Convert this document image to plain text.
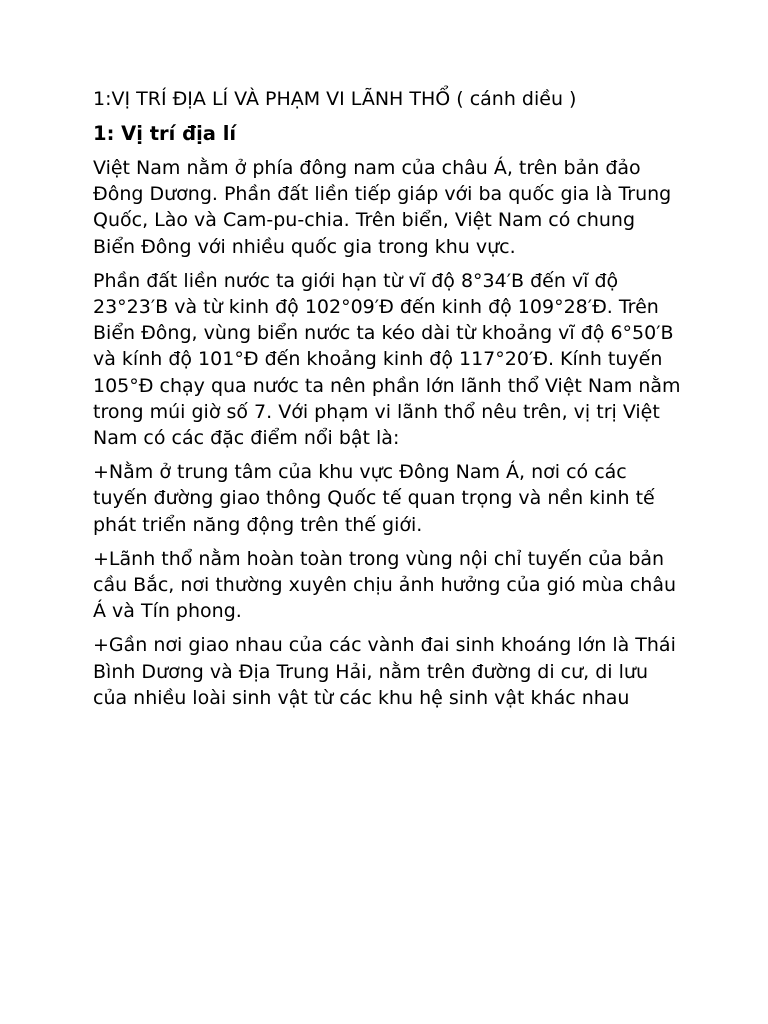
1:VỊ TRÍ ĐỊA LÍ VÀ PHẠM VI LÃNH THỔ ( cánh diều )
1: Vị trí địa lí

Việt Nam nằm ở phía đông nam của châu Á, trên bản đảo Đông Dương. Phần đất liền tiếp giáp với ba quốc gia là Trung Quốc, Lào và Cam-pu-chia. Trên biển, Việt Nam có chung Biển Đông với nhiều quốc gia trong khu vực.

Phần đất liền nước ta giới hạn từ vĩ độ 8°34′B đến vĩ độ 23°23′B và từ kinh độ 102°09′Đ đến kinh độ 109°28′Đ. Trên Biển Đông, vùng biển nước ta kéo dài từ khoảng vĩ độ 6°50′B và kính độ 101°Đ đến khoảng kinh độ 117°20′Đ. Kính tuyến 105°Đ chạy qua nước ta nên phần lớn lãnh thổ Việt Nam nằm trong múi giờ số 7. Với phạm vi lãnh thổ nêu trên, vị trị Việt Nam có các đặc điểm nổi bật là:

+Nằm ở trung tâm của khu vực Đông Nam Á, nơi có các tuyến đường giao thông Quốc tế quan trọng và nền kinh tế phát triển năng động trên thế giới.

+Lãnh thổ nằm hoàn toàn trong vùng nội chỉ tuyến của bản cầu Bắc, nơi thường xuyên chịu ảnh hưởng của gió mùa châu Á và Tín phong.

+Gần nơi giao nhau của các vành đai sinh khoáng lớn là Thái Bình Dương và Địa Trung Hải, nằm trên đường di cư, di lưu của nhiều loài sinh vật từ các khu hệ sinh vật khác nhau
